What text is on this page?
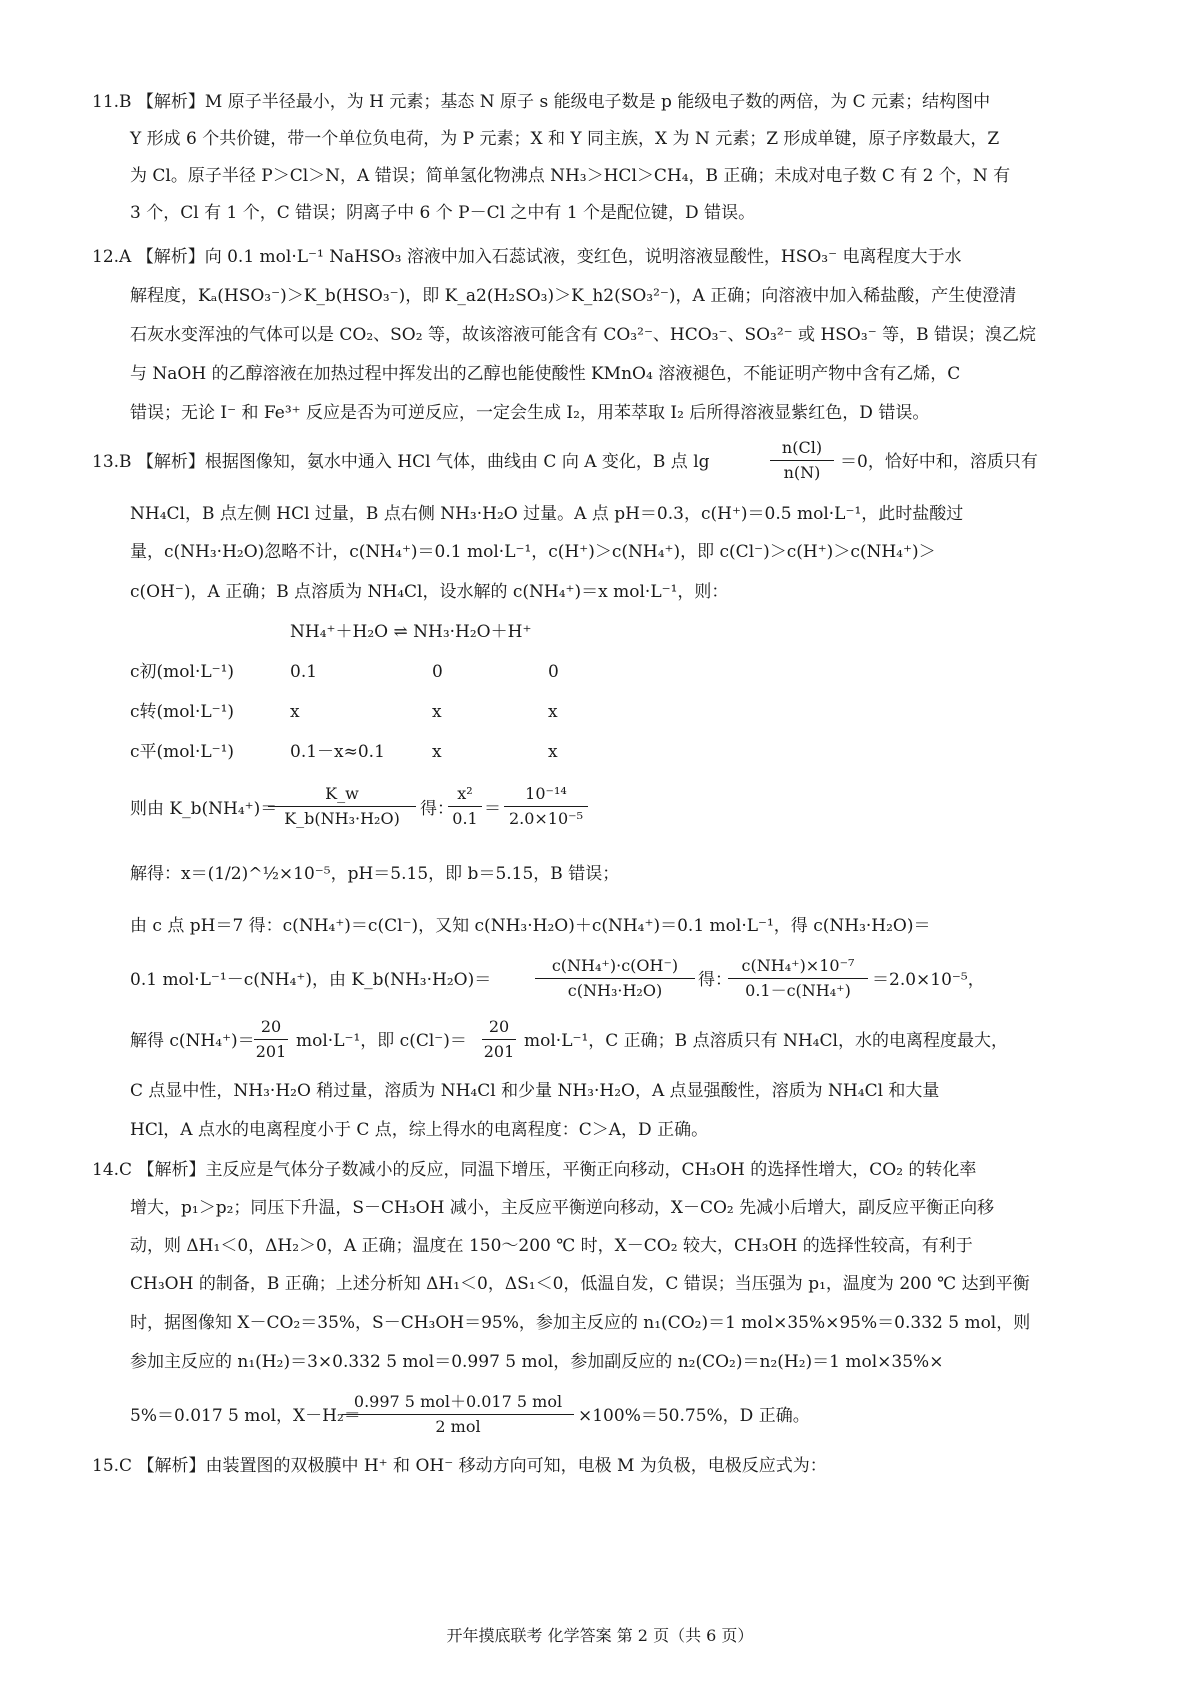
11.B 【解析】M 原子半径最小，为 H 元素；基态 N 原子 s 能级电子数是 p 能级电子数的两倍，为 C 元素；结构图中
Y 形成 6 个共价键，带一个单位负电荷，为 P 元素；X 和 Y 同主族，X 为 N 元素；Z 形成单键，原子序数最大，Z
为 Cl。原子半径 P＞Cl＞N，A 错误；简单氢化物沸点 NH₃＞HCl＞CH₄，B 正确；未成对电子数 C 有 2 个，N 有
3 个，Cl 有 1 个，C 错误；阴离子中 6 个 P－Cl 之中有 1 个是配位键，D 错误。
12.A 【解析】向 0.1 mol·L⁻¹ NaHSO₃ 溶液中加入石蕊试液，变红色，说明溶液显酸性，HSO₃⁻ 电离程度大于水
解程度，Kₐ(HSO₃⁻)＞K_b(HSO₃⁻)，即 K_a2(H₂SO₃)＞K_h2(SO₃²⁻)，A 正确；向溶液中加入稀盐酸，产生使澄清
石灰水变浑浊的气体可以是 CO₂、SO₂ 等，故该溶液可能含有 CO₃²⁻、HCO₃⁻、SO₃²⁻ 或 HSO₃⁻ 等，B 错误；溴乙烷
与 NaOH 的乙醇溶液在加热过程中挥发出的乙醇也能使酸性 KMnO₄ 溶液褪色，不能证明产物中含有乙烯，C
错误；无论 I⁻ 和 Fe³⁺ 反应是否为可逆反应，一定会生成 I₂，用苯萃取 I₂ 后所得溶液显紫红色，D 错误。
13.B 【解析】根据图像知，氨水中通入 HCl 气体，曲线由 C 向 A 变化，B 点 lg	$\frac{n(Cl)}{n(N)} =0$，恰好中和，溶质只有
NH₄Cl，B 点左侧 HCl 过量，B 点右侧 NH₃·H₂O 过量。A 点 pH＝0.3，c(H⁺)＝0.5 mol·L⁻¹，此时盐酸过
量，c(NH₃·H₂O)忽略不计，c(NH₄⁺)＝0.1 mol·L⁻¹，c(H⁺)＞c(NH₄⁺)，即 c(Cl⁻)＞c(H⁺)＞c(NH₄⁺)＞
c(OH⁻)，A 正确；B 点溶质为 NH₄Cl，设水解的 c(NH₄⁺)＝x mol·L⁻¹，则：
NH₄⁺＋H₂O ⇌ NH₃·H₂O＋H⁺
c初(mol·L⁻¹)	0.1	0	0
c转(mol·L⁻¹)	x	x	x
c平(mol·L⁻¹)	0.1－x≈0.1	x	x
则由 K_b(NH₄⁺)＝
$\frac{K\_w}{\text{K\_b(NH₃·H₂O)}}$ 得：
$\frac{\text{x²}}{0.1} = \frac{\text{10⁻¹⁴}}{\text{2.0×10⁻⁵}}$
解得：x＝(1/2)^½×10⁻⁵，pH＝5.15，即 b＝5.15，B 错误；
由 c 点 pH＝7 得：c(NH₄⁺)＝c(Cl⁻)，又知 c(NH₃·H₂O)＋c(NH₄⁺)＝0.1 mol·L⁻¹，得 c(NH₃·H₂O)＝
0.1 mol·L⁻¹－c(NH₄⁺)，由 K_b(NH₃·H₂O)＝	$\frac{\text{c(NH₄⁺)·c(OH⁻)}}{\text{c(NH₃·H₂O)}}$ 得：
$\frac{\text{c(NH₄⁺)×10⁻⁷}}{\text{0.1－c(NH₄⁺)}} =2.0\times 10^{-5}$，
解得 $c(NH_4^+)= \frac{20}{201} mol\cdot L^{-1}$，即 $c(Cl^-)= \frac{20}{201} mol\cdot L^{-1}$，C 正确；B 点溶质只有 NH₄Cl，水的电离程度最大，
C 点显中性，NH₃·H₂O 稍过量，溶质为 NH₄Cl 和少量 NH₃·H₂O，A 点显强酸性，溶质为 NH₄Cl 和大量
HCl，A 点水的电离程度小于 C 点，综上得水的电离程度：C＞A，D 正确。
14.C 【解析】主反应是气体分子数减小的反应，同温下增压，平衡正向移动，CH₃OH 的选择性增大，CO₂ 的转化率
增大，p₁＞p₂；同压下升温，S－CH₃OH 减小，主反应平衡逆向移动，X－CO₂ 先减小后增大，副反应平衡正向移
动，则 ΔH₁＜0，ΔH₂＞0，A 正确；温度在 150～200 ℃ 时，X－CO₂ 较大，CH₃OH 的选择性较高，有利于
CH₃OH 的制备，B 正确；上述分析知 ΔH₁＜0，ΔS₁＜0，低温自发，C 错误；当压强为 p₁，温度为 200 ℃ 达到平衡
时，据图像知 X－CO₂＝35%，S－CH₃OH＝95%，参加主反应的 n₁(CO₂)＝1 mol×35%×95%＝0.332 5 mol，则
参加主反应的 n₁(H₂)＝3×0.332 5 mol＝0.997 5 mol，参加副反应的 n₂(CO₂)＝n₂(H₂)＝1 mol×35%×
5%＝0.017 5 mol，X－H₂＝
0.997 5 mol＋0.017 5 mol
2 mol
×100%＝50.75%，D 正确。
15.C 【解析】由装置图的双极膜中 H⁺ 和 OH⁻ 移动方向可知，电极 M 为负极，电极反应式为：
开年摸底联考 化学答案 第 2 页（共 6 页）
